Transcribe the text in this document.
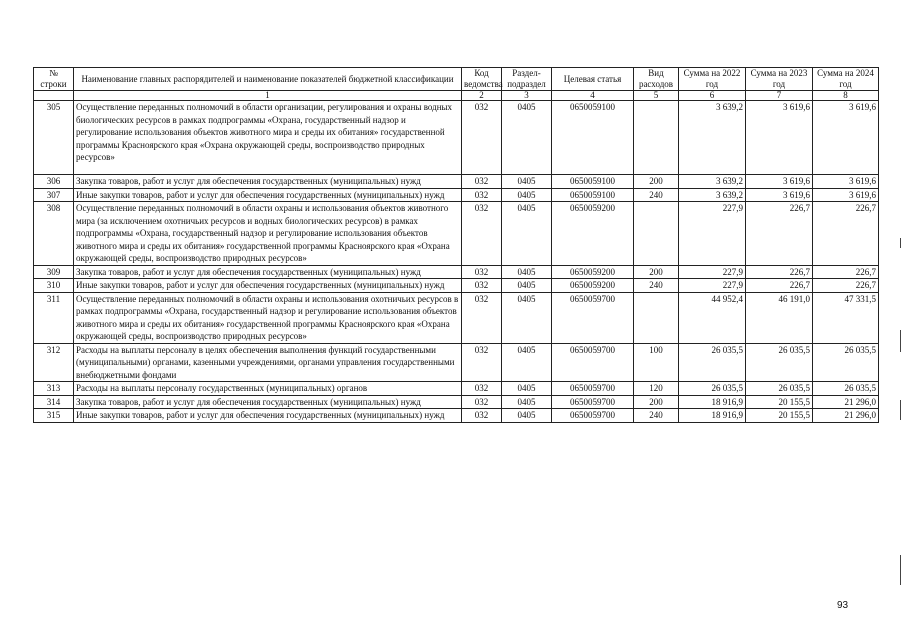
№ строки	Наименование главных распорядителей и наименование показателей бюджетной классификации	Код ведомства	Раздел-подраздел	Целевая статья	Вид расходов	Сумма на 2022 год	Сумма на 2023 год	Сумма на 2024 год
	1	2	3	4	5	6	7	8
305	Осуществление переданных полномочий в области организации, регулирования и охраны водных биологических ресурсов в рамках подпрограммы «Охрана, государственный надзор и регулирование использования объектов животного мира и среды их обитания» государственной программы Красноярского края «Охрана окружающей среды, воспроизводство природных ресурсов»	032	0405	0650059100		3 639,2	3 619,6	3 619,6
306	Закупка товаров, работ и услуг для обеспечения государственных (муниципальных) нужд	032	0405	0650059100	200	3 639,2	3 619,6	3 619,6
307	Иные закупки товаров, работ и услуг для обеспечения государственных (муниципальных) нужд	032	0405	0650059100	240	3 639,2	3 619,6	3 619,6
308	Осуществление переданных полномочий в области охраны и использования объектов животного мира (за исключением охотничьих ресурсов и водных биологических ресурсов) в рамках подпрограммы «Охрана, государственный надзор и регулирование использования объектов животного мира и среды их обитания» государственной программы Красноярского края «Охрана окружающей среды, воспроизводство природных ресурсов»	032	0405	0650059200		227,9	226,7	226,7
309	Закупка товаров, работ и услуг для обеспечения государственных (муниципальных) нужд	032	0405	0650059200	200	227,9	226,7	226,7
310	Иные закупки товаров, работ и услуг для обеспечения государственных (муниципальных) нужд	032	0405	0650059200	240	227,9	226,7	226,7
311	Осуществление переданных полномочий в области охраны и использования охотничьих ресурсов в рамках подпрограммы «Охрана, государственный надзор и регулирование использования объектов животного мира и среды их обитания» государственной программы Красноярского края «Охрана окружающей среды, воспроизводство природных ресурсов»	032	0405	0650059700		44 952,4	46 191,0	47 331,5
312	Расходы на выплаты персоналу в целях обеспечения выполнения функций государственными (муниципальными) органами, казенными учреждениями, органами управления государственными внебюджетными фондами	032	0405	0650059700	100	26 035,5	26 035,5	26 035,5
313	Расходы на выплаты персоналу государственных (муниципальных) органов	032	0405	0650059700	120	26 035,5	26 035,5	26 035,5
314	Закупка товаров, работ и услуг для обеспечения государственных (муниципальных) нужд	032	0405	0650059700	200	18 916,9	20 155,5	21 296,0
315	Иные закупки товаров, работ и услуг для обеспечения государственных (муниципальных) нужд	032	0405	0650059700	240	18 916,9	20 155,5	21 296,0
93
